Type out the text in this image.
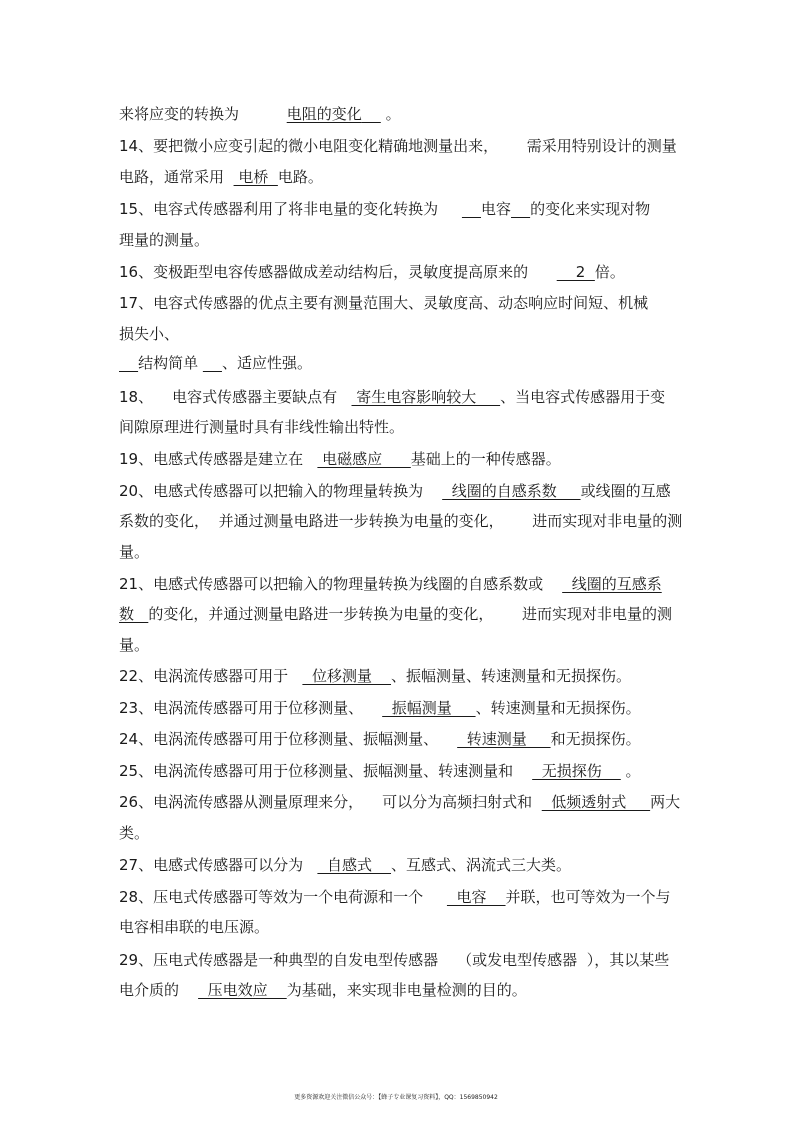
来将应变的转换为	电阻的变化     。
14、要把微小应变引起的微小电阻变化精确地测量出来， 需采用特别设计的测量
电路，通常采用   电桥  电路。
15、电容式传感器利用了将非电量的变化转换为	电容 的变化来实现对物
理量的测量。
16、变极距型电容传感器做成差动结构后，灵敏度提高原来的          2  倍。
17、电容式传感器的优点主要有测量范围大、灵敏度高、动态响应时间短、机械
损失小、
结构简单 、适应性强。
18、 电容式传感器主要缺点有    寄生电容影响较大     、当电容式传感器用于变
间隙原理进行测量时具有非线性输出特性。
19、电感式传感器是建立在    电磁感应      基础上的一种传感器。
20、电感式传感器可以把输入的物理量转换为      线圈的自感系数     或线圈的互感
系数的变化， 并通过测量电路进一步转换为电量的变化， 进而实现对非电量的测
量。
21、电感式传感器可以把输入的物理量转换为线圈的自感系数或      线圈的互感系
数   的变化，并通过测量电路进一步转换为电量的变化， 进而实现对非电量的测
量。
22、电涡流传感器可用于     位移测量    、振幅测量、转速测量和无损探伤。
23、电涡流传感器可用于位移测量、      振幅测量     、转速测量和无损探伤。
24、电涡流传感器可用于位移测量、振幅测量、      转速测量     和无损探伤。
25、电涡流传感器可用于位移测量、振幅测量、转速测量和      无损探伤     。
26、电涡流传感器从测量原理来分， 可以分为高频扫射式和    低频透射式     两大
类。
27、电感式传感器可以分为     自感式    、互感式、涡流式三大类。
28、压电式传感器可等效为一个电荷源和一个       电容    并联，也可等效为一个与
电容相串联的电压源。
29、压电式传感器是一种典型的自发电型传感器 （或发电型传感器 ），其以某些
电介质的      压电效应    为基础，来实现非电量检测的目的。
更多资源欢迎关注微信公众号：【蜂子专业课复习资料】，QQ：1569850942
